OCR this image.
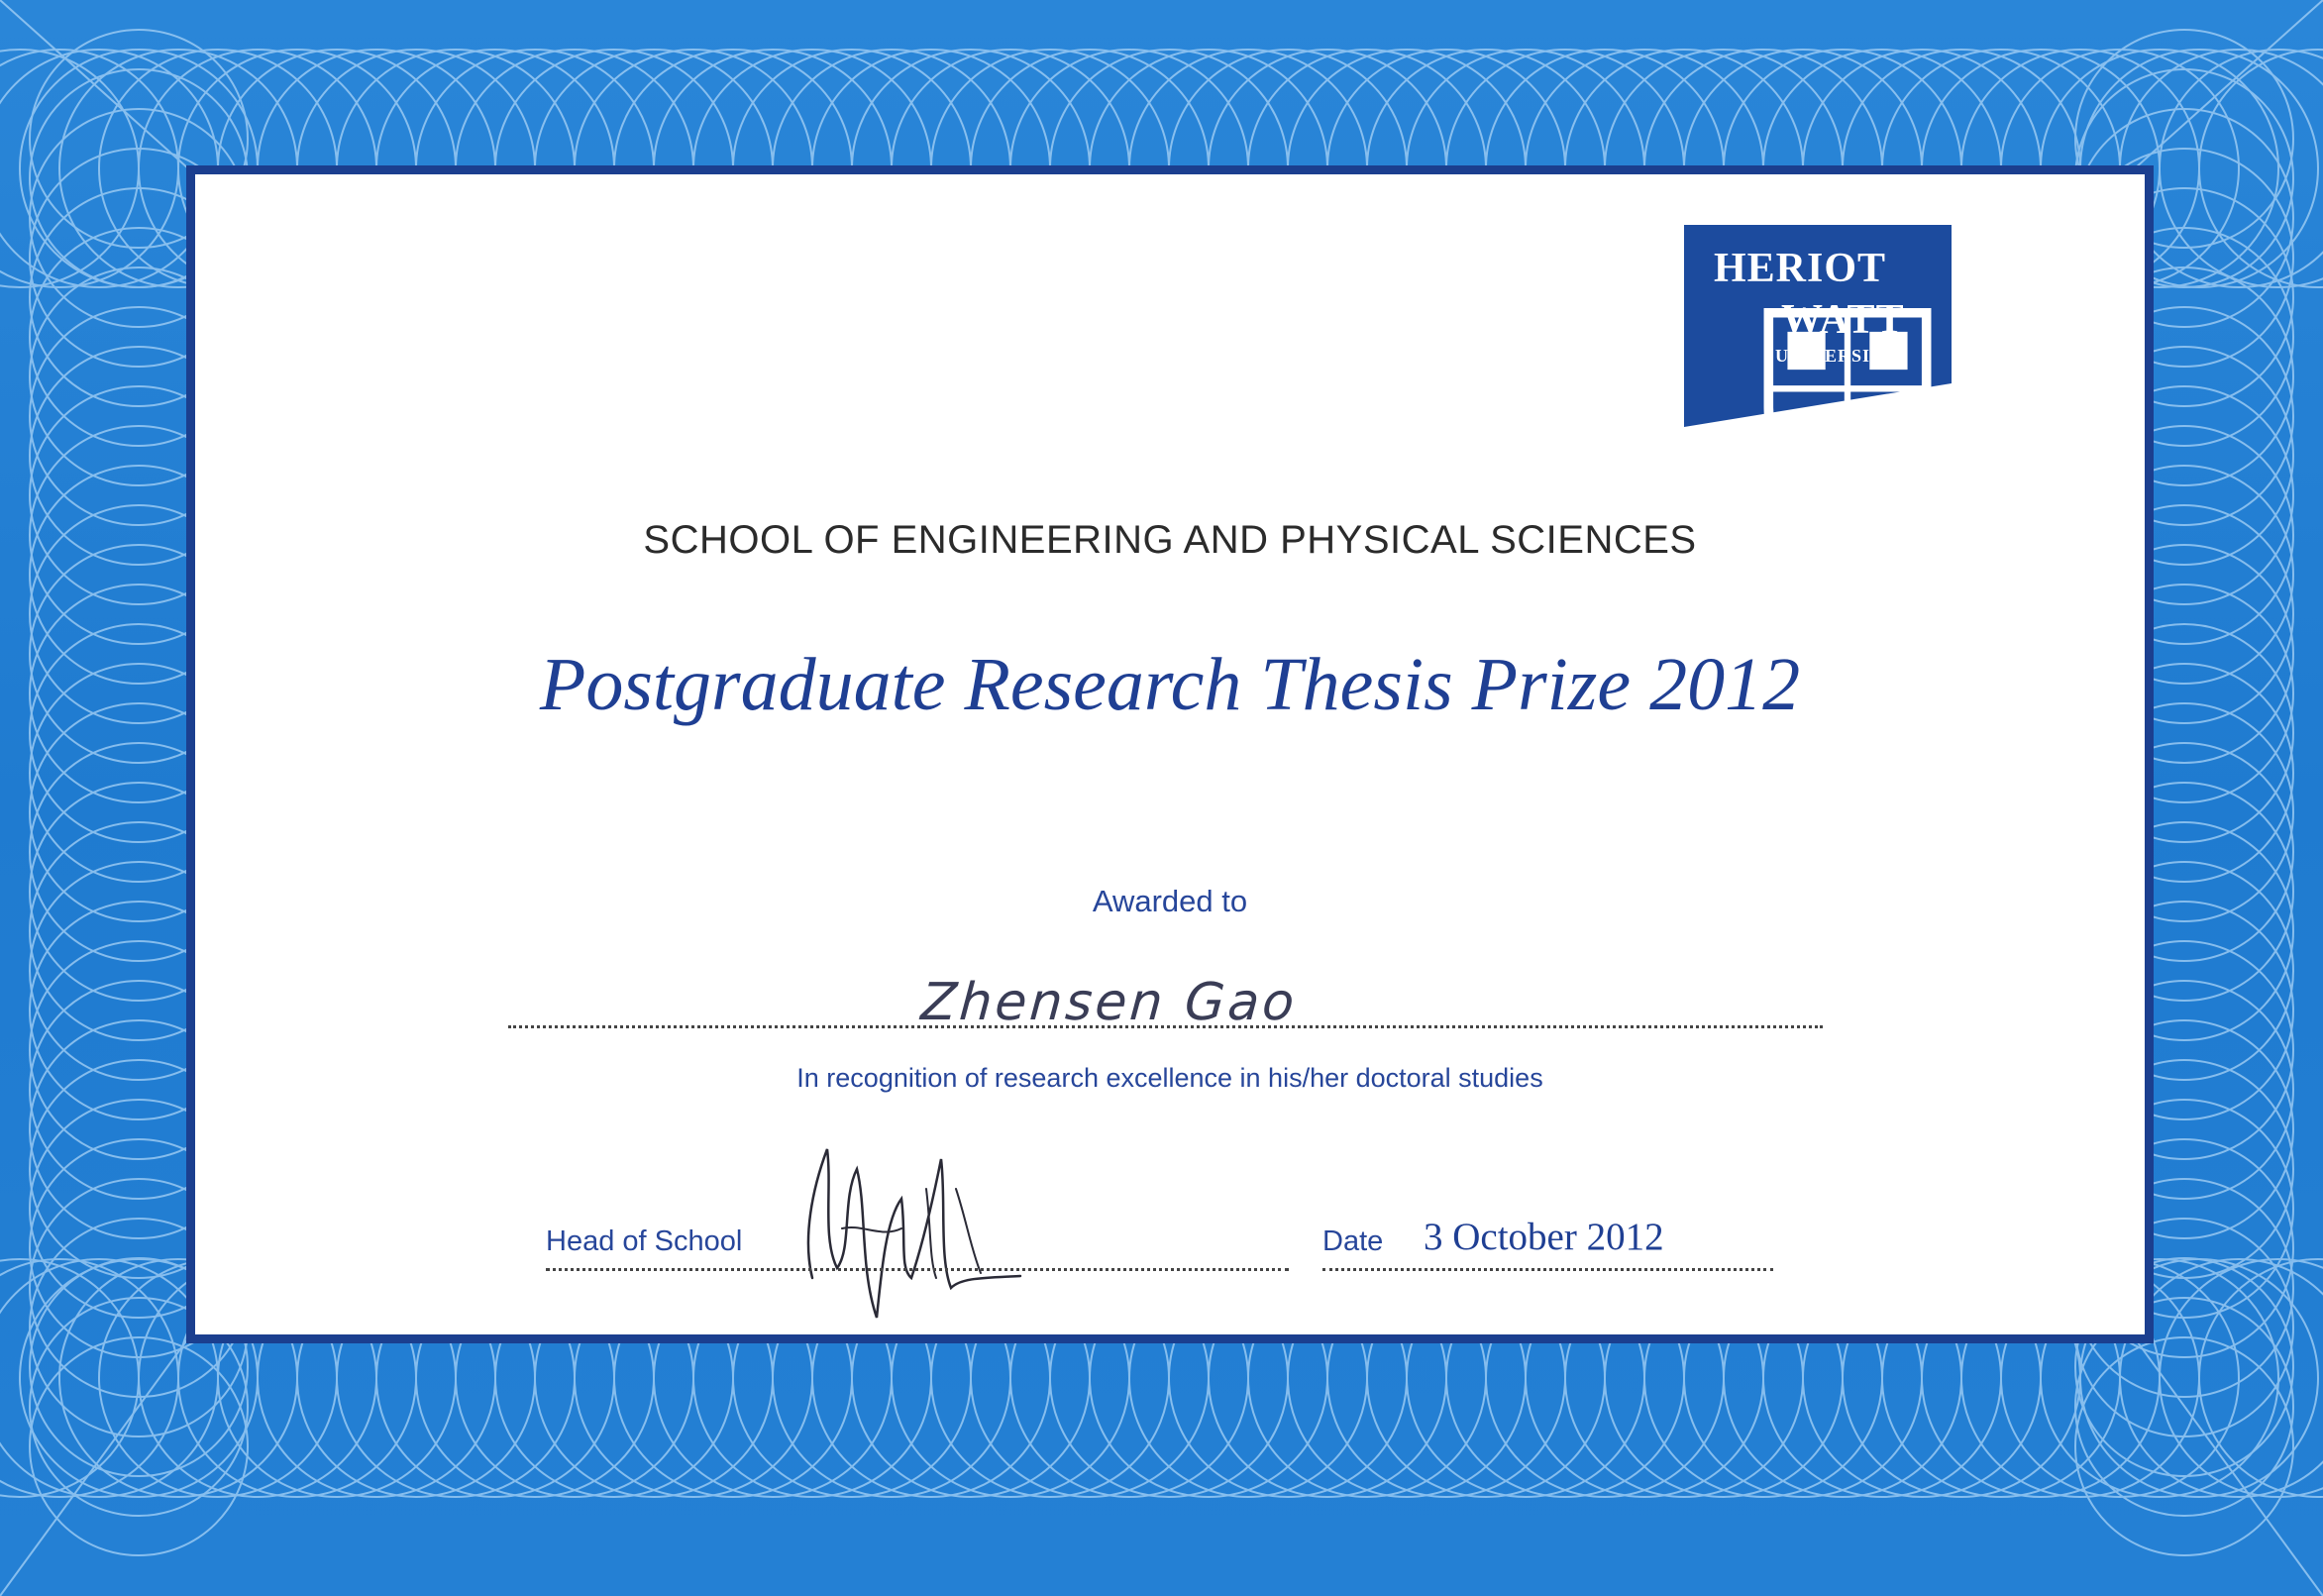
HERIOT
WATT
UNIVERSITY
SCHOOL OF ENGINEERING AND PHYSICAL SCIENCES
Postgraduate Research Thesis Prize 2012
Awarded to
Zhensen Gao
In recognition of research excellence in his/her doctoral studies
Head of School	Date 3 October 2012
